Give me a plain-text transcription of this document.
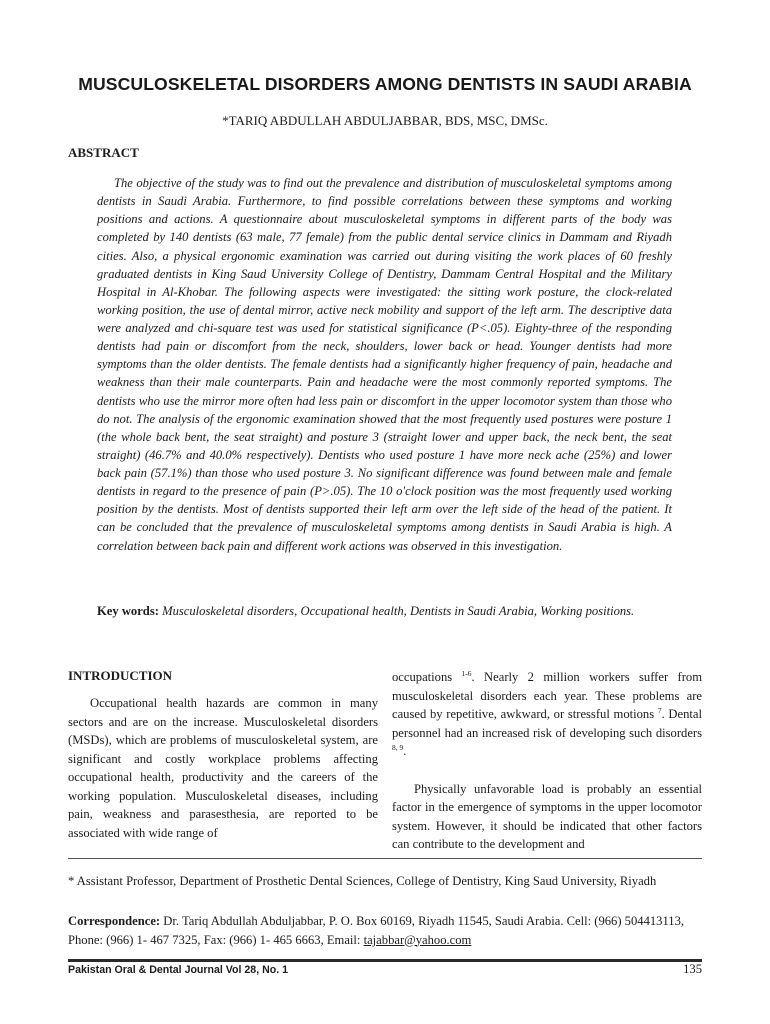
MUSCULOSKELETAL DISORDERS AMONG DENTISTS IN SAUDI ARABIA
*TARIQ ABDULLAH ABDULJABBAR, BDS, MSC, DMSc.
ABSTRACT

The objective of the study was to find out the prevalence and distribution of musculoskeletal symptoms among dentists in Saudi Arabia. Furthermore, to find possible correlations between these symptoms and working positions and actions. A questionnaire about musculoskeletal symptoms in different parts of the body was completed by 140 dentists (63 male, 77 female) from the public dental service clinics in Dammam and Riyadh cities. Also, a physical ergonomic examination was carried out during visiting the work places of 60 freshly graduated dentists in King Saud University College of Dentistry, Dammam Central Hospital and the Military Hospital in Al-Khobar. The following aspects were investigated: the sitting work posture, the clock-related working position, the use of dental mirror, active neck mobility and support of the left arm. The descriptive data were analyzed and chi-square test was used for statistical significance (P<.05). Eighty-three of the responding dentists had pain or discomfort from the neck, shoulders, lower back or head. Younger dentists had more symptoms than the older dentists. The female dentists had a significantly higher frequency of pain, headache and weakness than their male counterparts. Pain and headache were the most commonly reported symptoms. The dentists who use the mirror more often had less pain or discomfort in the upper locomotor system than those who do not. The analysis of the ergonomic examination showed that the most frequently used postures were posture 1 (the whole back bent, the seat straight) and posture 3 (straight lower and upper back, the neck bent, the seat straight) (46.7% and 40.0% respectively). Dentists who used posture 1 have more neck ache (25%) and lower back pain (57.1%) than those who used posture 3. No significant difference was found between male and female dentists in regard to the presence of pain (P>.05). The 10 o'clock position was the most frequently used working position by the dentists. Most of dentists supported their left arm over the left side of the head of the patient. It can be concluded that the prevalence of musculoskeletal symptoms among dentists in Saudi Arabia is high. A correlation between back pain and different work actions was observed in this investigation.

Key words: Musculoskeletal disorders, Occupational health, Dentists in Saudi Arabia, Working positions.

INTRODUCTION

Occupational health hazards are common in many sectors and are on the increase. Musculoskeletal disorders (MSDs), which are problems of musculoskeletal system, are significant and costly workplace problems affecting occupational health, productivity and the careers of the working population. Musculoskeletal diseases, including pain, weakness and parasesthesia, are reported to be associated with wide range of

occupations $^{1-6}$. Nearly 2 million workers suffer from musculoskeletal disorders each year. These problems are caused by repetitive, awkward, or stressful motions $^7$. Dental personnel had an increased risk of developing such disorders $^{8, 9}$.

Physically unfavorable load is probably an essential factor in the emergence of symptoms in the upper locomotor system. However, it should be indicated that other factors can contribute to the development and

* Assistant Professor, Department of Prosthetic Dental Sciences, College of Dentistry, King Saud University, Riyadh

Correspondence: Dr. Tariq Abdullah Abduljabbar, P. O. Box 60169, Riyadh 11545, Saudi Arabia. Cell: (966) 504413113, Phone: (966) 1- 467 7325, Fax: (966) 1- 465 6663, Email: tajabbar@yahoo.com

Pakistan Oral & Dental Journal Vol 28, No. 1	135
